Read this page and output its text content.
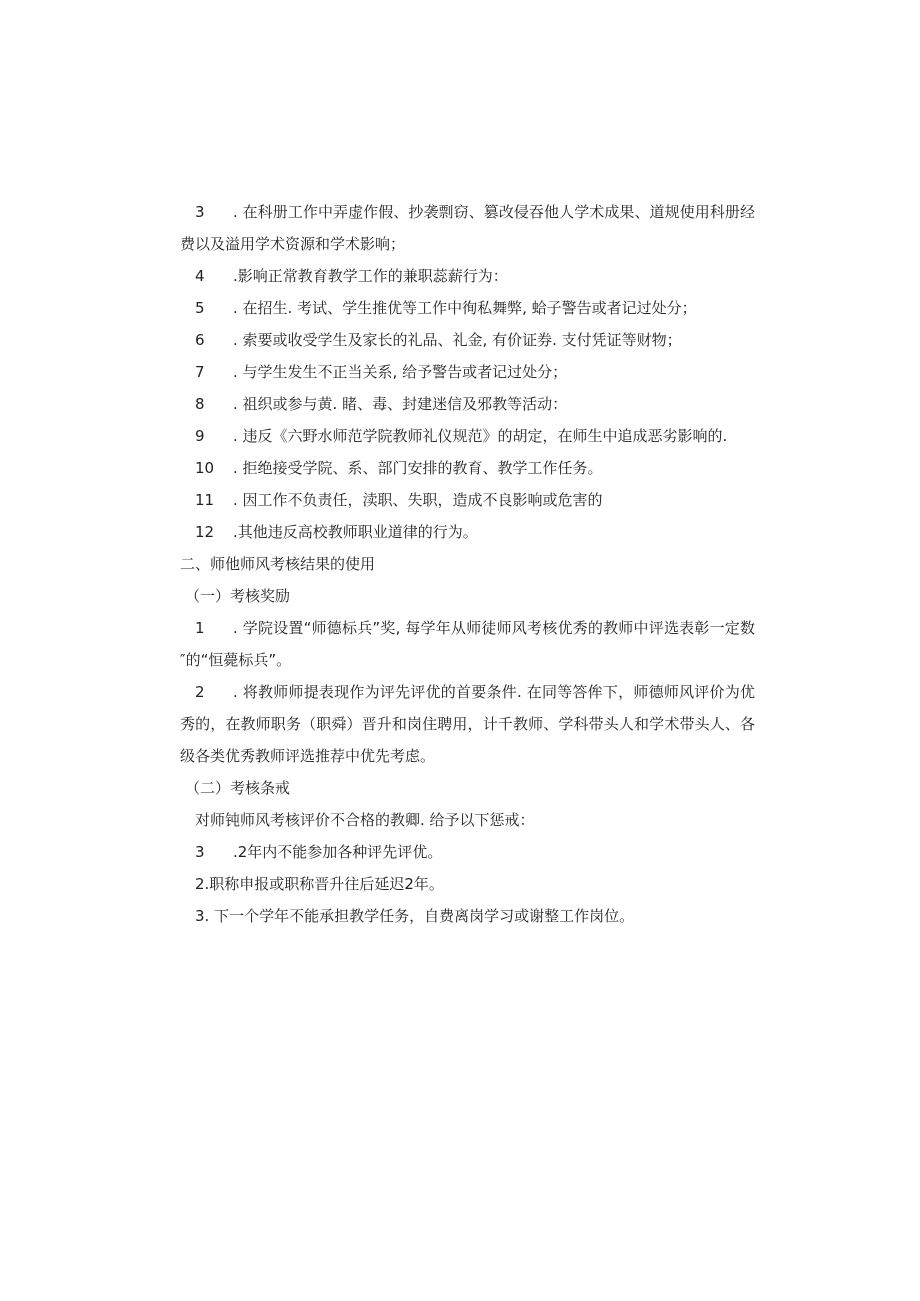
3 . 在科册工作中弄虚作假、抄袭剽窃、篡改侵吞他人学术成果、道规使用科册经
费以及溢用学术资源和学术影响；
4 .影响正常教育教学工作的兼职蕊薪行为：
5 . 在招生. 考试、学生推优等工作中徇私舞弊, 蛤子警告或者记过处分；
6 . 索要或收受学生及家长的礼品、礼金, 有价证券. 支付凭证等财物；
7 . 与学生发生不正当关系, 给予警告或者记过处分；
8 . 祖织或参与黄. 睹、毒、封建迷信及邪教等活动：
9 . 违反《六野水师范学院教师礼仪规范》的胡定，在师生中追成恶劣影响的.
10 . 拒绝接受学院、系、部门安排的教育、教学工作任务。
11 . 因工作不负责任，渎职、失职，造成不良影响或危害的
12 .其他违反高校教师职业道律的行为。
二、师他师风考核结果的使用
（一）考核奖励
1 . 学院设置“师德标兵”奖, 每学年从师徒师风考核优秀的教师中评选表彰一定数
″的“恒薨标兵”。
2 . 将教师师提表现作为评先评优的首要条件. 在同等答侔下，师德师风评价为优
秀的，在教师职务（职舜）晋升和岗住聘用，计千教师、学科带头人和学术带头人、各
级各类优秀教师评选推荐中优先考虑。
（二）考核条戒
对师钝师风考核评价不合格的教卿. 给予以下惩戒：
3 .2年内不能参加各种评先评优。
2.职称申报或职称晋升往后延迟2年。
3. 下一个学年不能承担教学任务，自费离岗学习或谢整工作岗位。
